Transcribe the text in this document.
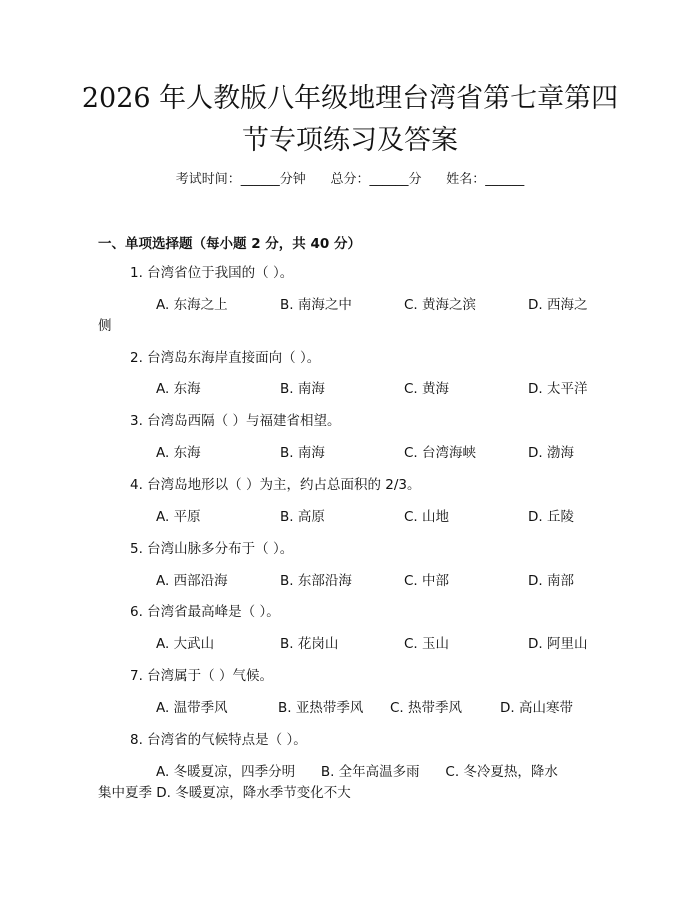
2026 年人教版八年级地理台湾省第七章第四
节专项练习及答案
考试时间：______分钟      总分：______分      姓名：______
一、单项选择题（每小题 2 分，共 40 分）
1. 台湾省位于我国的（ ）。
A. 东海之上	B. 南海之中	C. 黄海之滨	D. 西海之
侧
2. 台湾岛东海岸直接面向（ ）。
A. 东海	B. 南海	C. 黄海	D. 太平洋
3. 台湾岛西隔（ ）与福建省相望。
A. 东海	B. 南海	C. 台湾海峡	D. 渤海
4. 台湾岛地形以（ ）为主，约占总面积的 2/3。
A. 平原	B. 高原	C. 山地	D. 丘陵
5. 台湾山脉多分布于（ ）。
A. 西部沿海	B. 东部沿海	C. 中部	D. 南部
6. 台湾省最高峰是（ ）。
A. 大武山	B. 花岗山	C. 玉山	D. 阿里山
7. 台湾属于（ ）气候。
A. 温带季风	B. 亚热带季风 C. 热带季风	D. 高山寒带
8. 台湾省的气候特点是（ ）。
A. 冬暖夏凉，四季分明      B. 全年高温多雨      C. 冬冷夏热，降水
集中夏季 D. 冬暖夏凉，降水季节变化不大
